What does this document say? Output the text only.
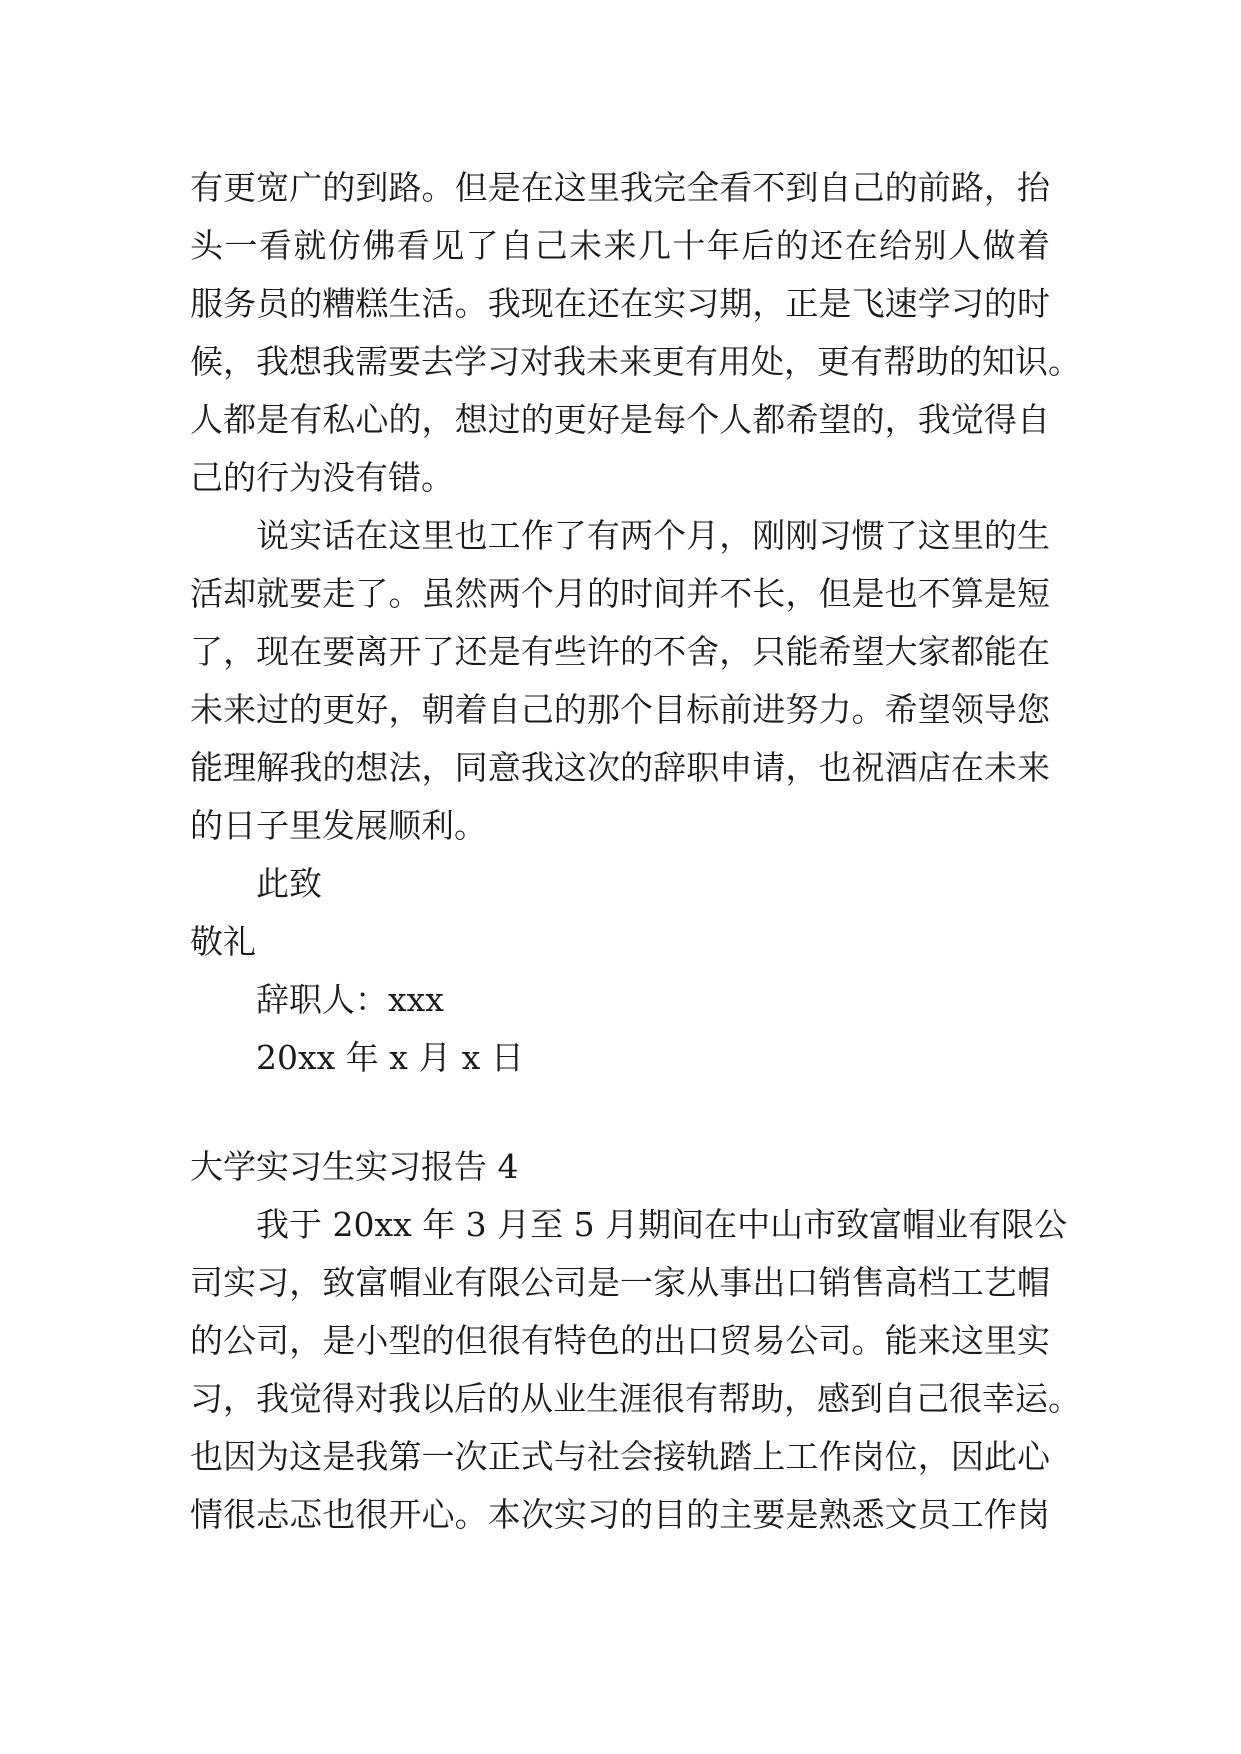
有更宽广的到路。但是在这里我完全看不到自己的前路，抬
头一看就仿佛看见了自己未来几十年后的还在给别人做着
服务员的糟糕生活。我现在还在实习期，正是飞速学习的时
候，我想我需要去学习对我未来更有用处，更有帮助的知识。
人都是有私心的，想过的更好是每个人都希望的，我觉得自
己的行为没有错。
说实话在这里也工作了有两个月，刚刚习惯了这里的生
活却就要走了。虽然两个月的时间并不长，但是也不算是短
了，现在要离开了还是有些许的不舍，只能希望大家都能在
未来过的更好，朝着自己的那个目标前进努力。希望领导您
能理解我的想法，同意我这次的辞职申请，也祝酒店在未来
的日子里发展顺利。
此致
敬礼
辞职人：xxx
20xx 年 x 月 x 日
大学实习生实习报告 4
我于 20xx 年 3 月至 5 月期间在中山市致富帽业有限公
司实习，致富帽业有限公司是一家从事出口销售高档工艺帽
的公司，是小型的但很有特色的出口贸易公司。能来这里实
习，我觉得对我以后的从业生涯很有帮助，感到自己很幸运。
也因为这是我第一次正式与社会接轨踏上工作岗位，因此心
情很忐忑也很开心。本次实习的目的主要是熟悉文员工作岗
